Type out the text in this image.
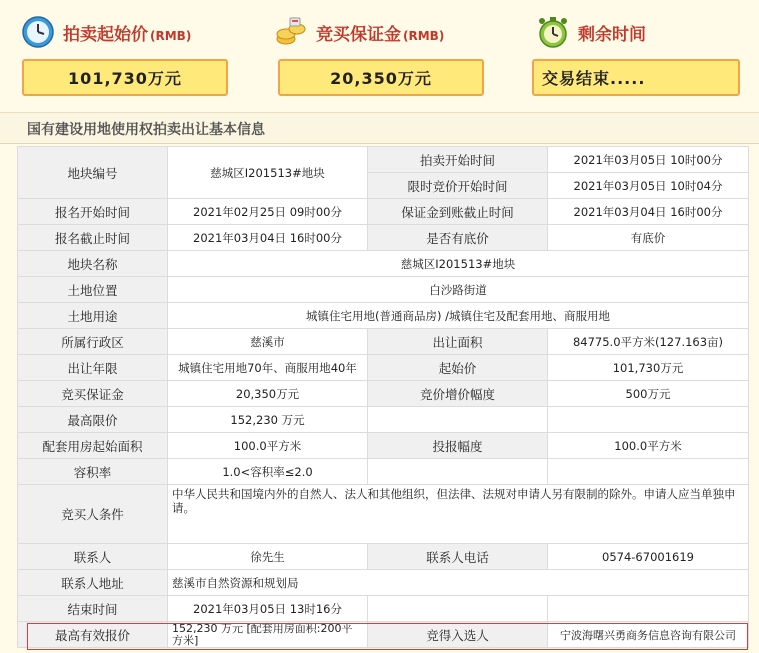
拍卖起始价 (RMB)	竞买保证金 (RMB)	剩余时间
101,730万元	20,350万元	交易结束.....
国有建设用地使用权拍卖出让基本信息
地块编号	慈城区I201513#地块	拍卖开始时间	2021年03月05日 10时00分
		限时竞价开始时间	2021年03月05日 10时04分
报名开始时间	2021年02月25日 09时00分	保证金到账截止时间	2021年03月04日 16时00分
报名截止时间	2021年03月04日 16时00分	是否有底价	有底价
地块名称	慈城区I201513#地块		
土地位置	白沙路街道		
土地用途	城镇住宅用地(普通商品房) /城镇住宅及配套用地、商服用地		
所属行政区	慈溪市	出让面积	84775.0平方米(127.163亩)
出让年限	城镇住宅用地70年、商服用地40年	起始价	101,730万元
竞买保证金	20,350万元	竞价增价幅度	500万元
最高限价	152,230 万元		
配套用房起始面积	100.0平方米	投报幅度	100.0平方米
容积率	1.0<容积率≤2.0		
竞买人条件	中华人民共和国境内外的自然人、法人和其他组织，但法律、法规对申请人另有限制的除外。申请人应当单独申请。		
联系人	徐先生	联系人电话	0574-67001619
联系人地址	慈溪市自然资源和规划局		
结束时间	2021年03月05日 13时16分		
最高有效报价	152,230 万元 [配套用房面积:200平方米]	竞得入选人	宁波海曙兴勇商务信息咨询有限公司
